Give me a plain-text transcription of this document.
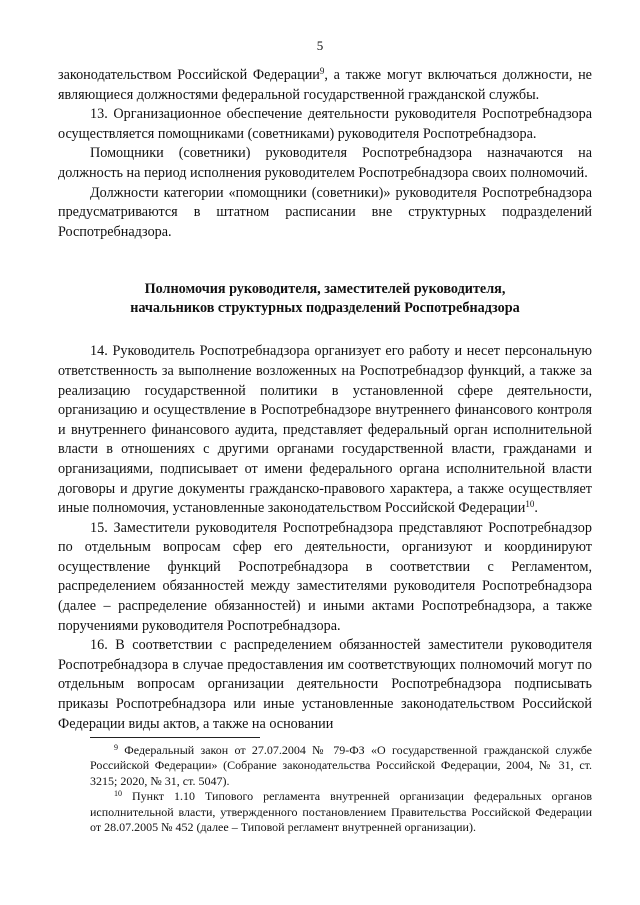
5

законодательством Российской Федерации$^9$, а также могут включаться должности, не являющиеся должностями федеральной государственной гражданской службы.

13. Организационное обеспечение деятельности руководителя Роспотребнадзора осуществляется помощниками (советниками) руководителя Роспотребнадзора.

Помощники (советники) руководителя Роспотребнадзора назначаются на должность на период исполнения руководителем Роспотребнадзора своих полномочий.

Должности категории «помощники (советники)» руководителя Роспотребнадзора предусматриваются в штатном расписании вне структурных подразделений Роспотребнадзора.

Полномочия руководителя, заместителей руководителя,
начальников структурных подразделений Роспотребнадзора

14. Руководитель Роспотребнадзора организует его работу и несет персональную ответственность за выполнение возложенных на Роспотребнадзор функций, а также за реализацию государственной политики в установленной сфере деятельности, организацию и осуществление в Роспотребнадзоре внутреннего финансового контроля и внутреннего финансового аудита, представляет федеральный орган исполнительной власти в отношениях с другими органами государственной власти, гражданами и организациями, подписывает от имени федерального органа исполнительной власти договоры и другие документы гражданско-правового характера, а также осуществляет иные полномочия, установленные законодательством Российской Федерации$^{10}$.

15. Заместители руководителя Роспотребнадзора представляют Роспотребнадзор по отдельным вопросам сфер его деятельности, организуют и координируют осуществление функций Роспотребнадзора в соответствии с Регламентом, распределением обязанностей между заместителями руководителя Роспотребнадзора (далее – распределение обязанностей) и иными актами Роспотребнадзора, а также поручениями руководителя Роспотребнадзора.

16. В соответствии с распределением обязанностей заместители руководителя Роспотребнадзора в случае предоставления им соответствующих полномочий могут по отдельным вопросам организации деятельности Роспотребнадзора подписывать приказы Роспотребнадзора или иные установленные законодательством Российской Федерации виды актов, а также на основании

$^9$ Федеральный закон от 27.07.2004 № 79-ФЗ «О государственной гражданской службе Российской Федерации» (Собрание законодательства Российской Федерации, 2004, № 31, ст. 3215; 2020, № 31, ст. 5047).

$^{10}$ Пункт 1.10 Типового регламента внутренней организации федеральных органов исполнительной власти, утвержденного постановлением Правительства Российской Федерации от 28.07.2005 № 452 (далее – Типовой регламент внутренней организации).
